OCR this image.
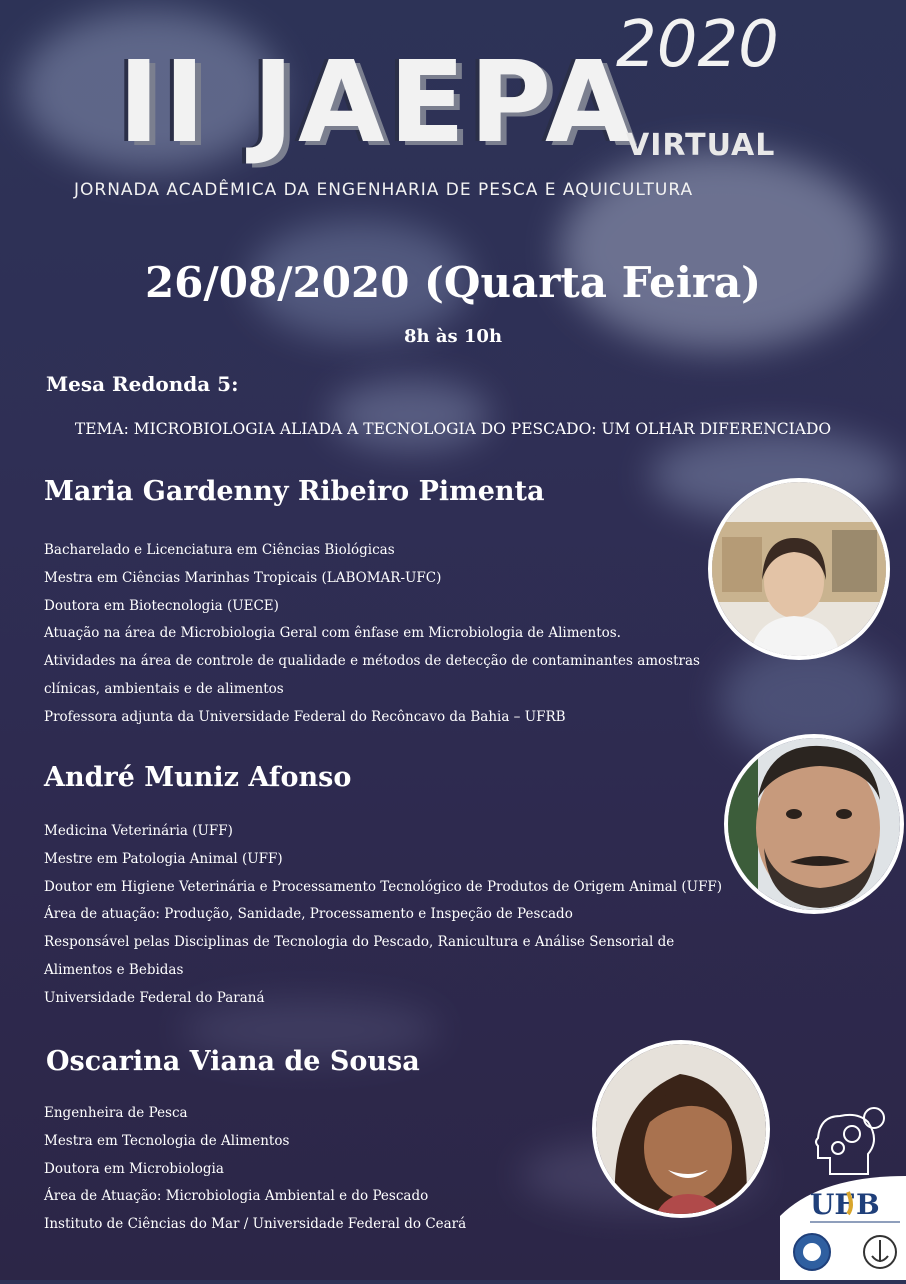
II JAEPA
2020
VIRTUAL
JORNADA ACADÊMICA DA ENGENHARIA DE PESCA E AQUICULTURA
26/08/2020 (Quarta Feira)
8h às 10h
Mesa Redonda 5:
TEMA: MICROBIOLOGIA ALIADA A TECNOLOGIA DO PESCADO: UM OLHAR DIFERENCIADO
Maria Gardenny Ribeiro Pimenta
Bacharelado e Licenciatura em Ciências Biológicas
Mestra em Ciências Marinhas Tropicais (LABOMAR-UFC)
Doutora em Biotecnologia (UECE)
Atuação na área de Microbiologia Geral com ênfase em Microbiologia de Alimentos.
Atividades na área de controle de qualidade e métodos de detecção de contaminantes amostras
clínicas, ambientais e de alimentos
Professora adjunta da Universidade Federal do Recôncavo da Bahia – UFRB
André Muniz Afonso
Medicina Veterinária (UFF)
Mestre em Patologia Animal (UFF)
Doutor em Higiene Veterinária e Processamento Tecnológico de Produtos de Origem Animal (UFF)
Área de atuação: Produção, Sanidade, Processamento e Inspeção de Pescado
Responsável pelas Disciplinas de Tecnologia do Pescado, Ranicultura e Análise Sensorial de
Alimentos e Bebidas
Universidade Federal do Paraná
Oscarina Viana de Sousa
Engenheira de Pesca
Mestra em Tecnologia de Alimentos
Doutora em Microbiologia
Área de Atuação: Microbiologia Ambiental e do Pescado
Instituto de Ciências do Mar / Universidade Federal do Ceará
UF B
